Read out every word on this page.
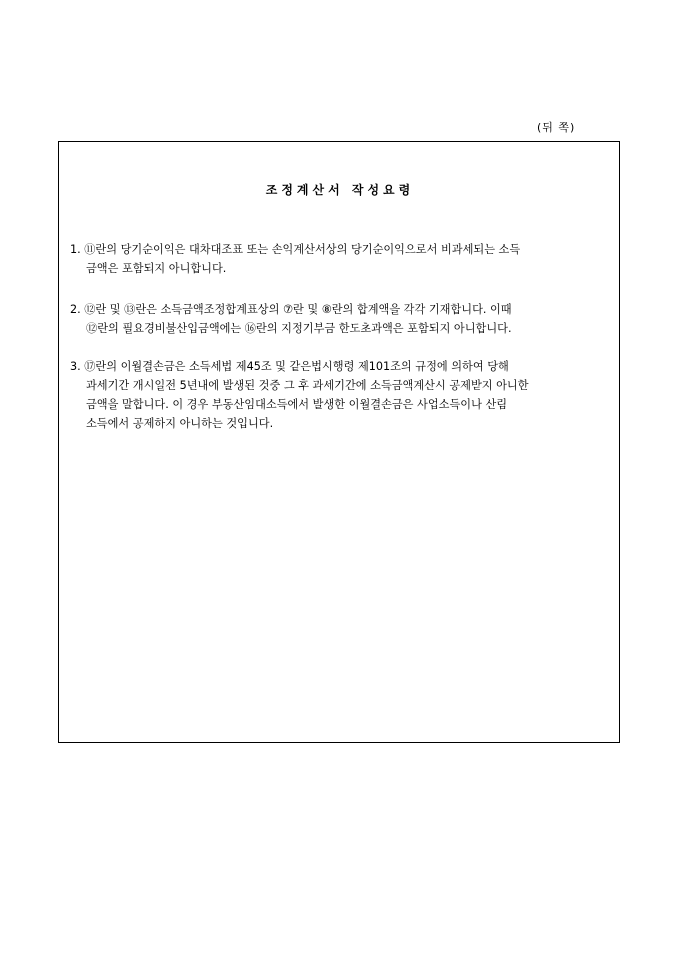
(뒤 쪽)
조정계산서 작성요령
1. ⑪란의 당기순이익은 대차대조표 또는 손익계산서상의 당기순이익으로서 비과세되는 소득
금액은 포함되지 아니합니다.
2. ⑫란 및 ⑬란은 소득금액조정합계표상의 ⑦란 및 ⑧란의 합계액을 각각 기재합니다. 이때
⑫란의 필요경비불산입금액에는 ⑯란의 지정기부금 한도초과액은 포함되지 아니합니다.
3. ⑰란의 이월결손금은 소득세법 제45조 및 같은법시행령 제101조의 규정에 의하여 당해
과세기간 개시일전 5년내에 발생된 것중 그 후 과세기간에 소득금액계산시 공제받지 아니한
금액을 말합니다. 이 경우 부동산임대소득에서 발생한 이월결손금은 사업소득이나 산림
소득에서 공제하지 아니하는 것입니다.
